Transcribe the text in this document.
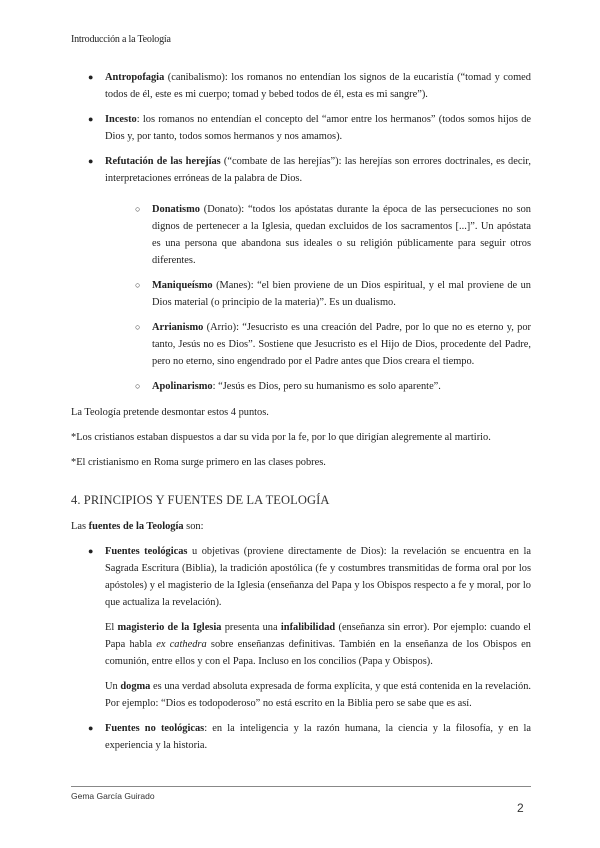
Introducción a la Teología
● Antropofagia (canibalismo): los romanos no entendían los signos de la eucaristía (“tomad y comed todos de él, este es mi cuerpo; tomad y bebed todos de él, esta es mi sangre”).
● Incesto: los romanos no entendían el concepto del “amor entre los hermanos” (todos somos hijos de Dios y, por tanto, todos somos hermanos y nos amamos).
● Refutación de las herejías (“combate de las herejías”): las herejías son errores doctrinales, es decir, interpretaciones erróneas de la palabra de Dios.
○ Donatismo (Donato): “todos los apóstatas durante la época de las persecuciones no son dignos de pertenecer a la Iglesia, quedan excluidos de los sacramentos [...]”. Un apóstata es una persona que abandona sus ideales o su religión públicamente para seguir otros diferentes.
○ Maniqueísmo (Manes): “el bien proviene de un Dios espiritual, y el mal proviene de un Dios material (o principio de la materia)”. Es un dualismo.
○ Arrianismo (Arrio): “Jesucristo es una creación del Padre, por lo que no es eterno y, por tanto, Jesús no es Dios”. Sostiene que Jesucristo es el Hijo de Dios, procedente del Padre, pero no eterno, sino engendrado por el Padre antes que Dios creara el tiempo.
○ Apolinarismo: “Jesús es Dios, pero su humanismo es solo aparente”.
La Teología pretende desmontar estos 4 puntos.
*Los cristianos estaban dispuestos a dar su vida por la fe, por lo que dirigían alegremente al martirio.
*El cristianismo en Roma surge primero en las clases pobres.
4. PRINCIPIOS Y FUENTES DE LA TEOLOGÍA
Las fuentes de la Teología son:
● Fuentes teológicas u objetivas (proviene directamente de Dios): la revelación se encuentra en la Sagrada Escritura (Biblia), la tradición apostólica (fe y costumbres transmitidas de forma oral por los apóstoles) y el magisterio de la Iglesia (enseñanza del Papa y los Obispos respecto a fe y moral, por lo que actualiza la revelación).
El magisterio de la Iglesia presenta una infalibilidad (enseñanza sin error). Por ejemplo: cuando el Papa habla ex cathedra sobre enseñanzas definitivas. También en la enseñanza de los Obispos en comunión, entre ellos y con el Papa. Incluso en los concilios (Papa y Obispos).
Un dogma es una verdad absoluta expresada de forma explícita, y que está contenida en la revelación. Por ejemplo: “Dios es todopoderoso” no está escrito en la Biblia pero se sabe que es así.
● Fuentes no teológicas: en la inteligencia y la razón humana, la ciencia y la filosofía, y en la experiencia y la historia.
Gema García Guirado
2
